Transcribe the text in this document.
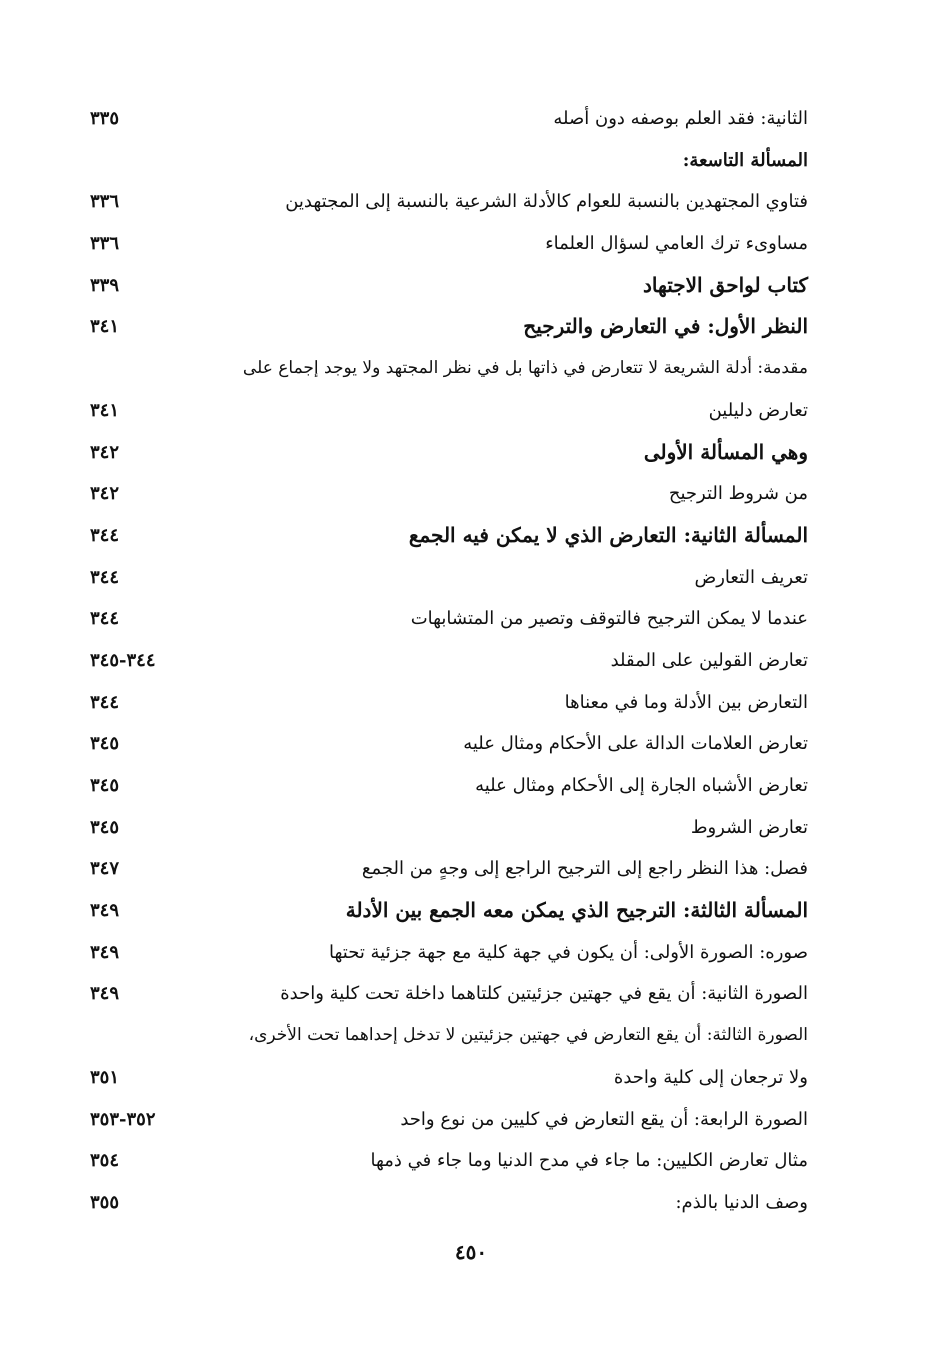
الثانية: فقد العلم بوصفه دون أصله
٣٣٥
المسألة التاسعة:
فتاوي المجتهدين بالنسبة للعوام كالأدلة الشرعية بالنسبة إلى المجتهدين
٣٣٦
مساوىء ترك العامي لسؤال العلماء
٣٣٦
كتاب لواحق الاجتهاد
٣٣٩
النظر الأول: في التعارض والترجيح
٣٤١
مقدمة: أدلة الشريعة لا تتعارض في ذاتها بل في نظر المجتهد ولا يوجد إجماع على
تعارض دليلين
٣٤١
وهي المسألة الأولى
٣٤٢
من شروط الترجيح
٣٤٢
المسألة الثانية: التعارض الذي لا يمكن فيه الجمع
٣٤٤
تعريف التعارض
٣٤٤
عندما لا يمكن الترجيح فالتوقف وتصير من المتشابهات
٣٤٤
تعارض القولين على المقلد
٣٤٤-٣٤٥
التعارض بين الأدلة وما في معناها
٣٤٤
تعارض العلامات الدالة على الأحكام ومثال عليه
٣٤٥
تعارض الأشباه الجارة إلى الأحكام ومثال عليه
٣٤٥
تعارض الشروط
٣٤٥
فصل: هذا النظر راجع إلى الترجيح الراجع إلى وجهٍ من الجمع
٣٤٧
المسألة الثالثة: الترجيح الذي يمكن معه الجمع بين الأدلة
٣٤٩
صوره: الصورة الأولى: أن يكون في جهة كلية مع جهة جزئية تحتها
٣٤٩
الصورة الثانية: أن يقع في جهتين جزئيتين كلتاهما داخلة تحت كلية واحدة
٣٤٩
الصورة الثالثة: أن يقع التعارض في جهتين جزئيتين لا تدخل إحداهما تحت الأخرى،
ولا ترجعان إلى كلية واحدة
٣٥١
الصورة الرابعة: أن يقع التعارض في كليين من نوع واحد
٣٥٢-٣٥٣
مثال تعارض الكليين: ما جاء في مدح الدنيا وما جاء في ذمها
٣٥٤
وصف الدنيا بالذم:
٣٥٥
٤٥٠
